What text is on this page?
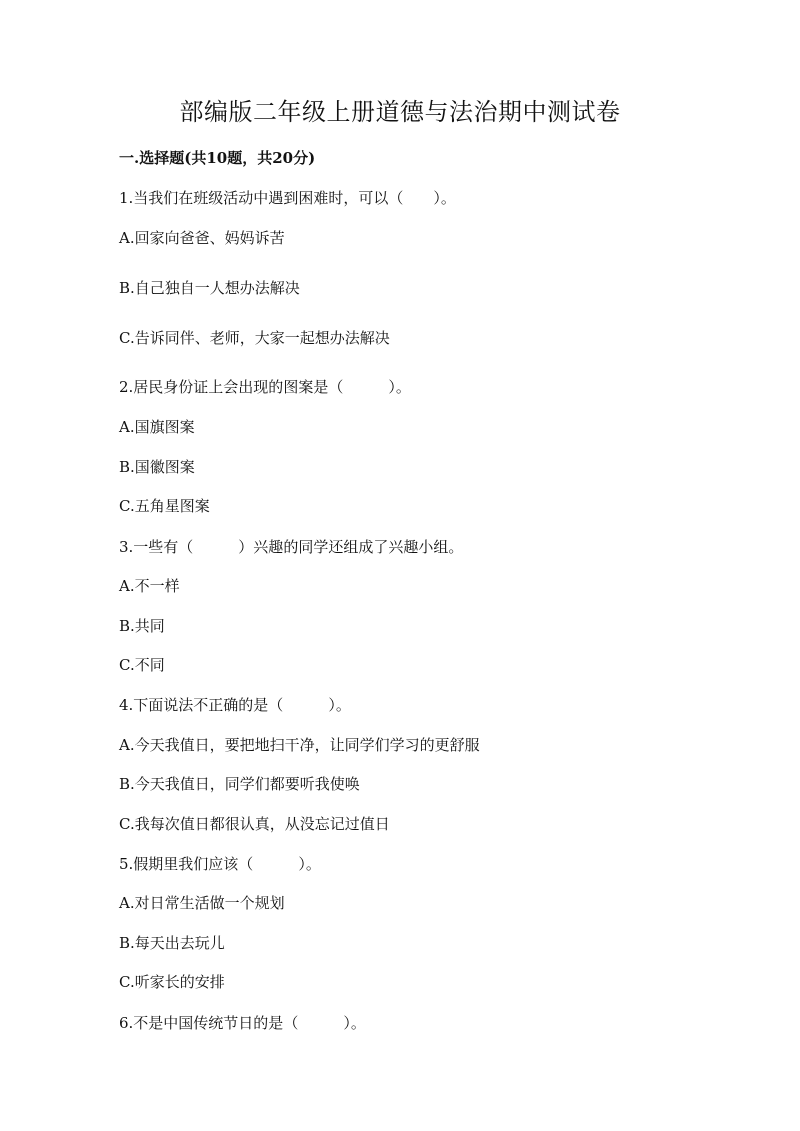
部编版二年级上册道德与法治期中测试卷
一.选择题(共10题，共20分)
1.当我们在班级活动中遇到困难时，可以（　　）。
A.回家向爸爸、妈妈诉苦
B.自己独自一人想办法解决
C.告诉同伴、老师，大家一起想办法解决
2.居民身份证上会出现的图案是（　　　）。
A.国旗图案
B.国徽图案
C.五角星图案
3.一些有（　　　）兴趣的同学还组成了兴趣小组。
A.不一样
B.共同
C.不同
4.下面说法不正确的是（　　　）。
A.今天我值日，要把地扫干净，让同学们学习的更舒服
B.今天我值日，同学们都要听我使唤
C.我每次值日都很认真，从没忘记过值日
5.假期里我们应该（　　　）。
A.对日常生活做一个规划
B.每天出去玩儿
C.听家长的安排
6.不是中国传统节日的是（　　　）。
